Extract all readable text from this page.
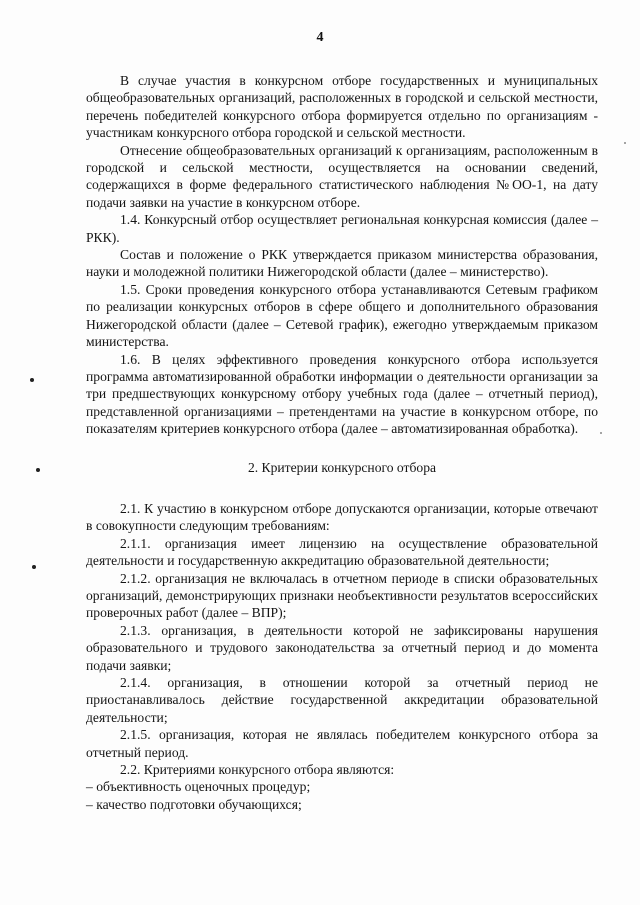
4

В случае участия в конкурсном отборе государственных и муниципальных общеобразовательных организаций, расположенных в городской и сельской местности, перечень победителей конкурсного отбора формируется отдельно по организациям - участникам конкурсного отбора городской и сельской местности.

Отнесение общеобразовательных организаций к организациям, расположенным в городской и сельской местности, осуществляется на основании сведений, содержащихся в форме федерального статистического наблюдения №ОО-1, на дату подачи заявки на участие в конкурсном отборе.

1.4. Конкурсный отбор осуществляет региональная конкурсная комиссия (далее –РКК).

Состав и положение о РКК утверждается приказом министерства образования, науки и молодежной политики Нижегородской области (далее – министерство).

1.5. Сроки проведения конкурсного отбора устанавливаются Сетевым графиком по реализации конкурсных отборов в сфере общего и дополнительного образования Нижегородской области (далее – Сетевой график), ежегодно утверждаемым приказом министерства.

1.6. В целях эффективного проведения конкурсного отбора используется программа автоматизированной обработки информации о деятельности организации за три предшествующих конкурсному отбору учебных года (далее – отчетный период), представленной организациями – претендентами на участие в конкурсном отборе, по показателям критериев конкурсного отбора (далее – автоматизированная обработка).

2. Критерии конкурсного отбора

2.1. К участию в конкурсном отборе допускаются организации, которые отвечают в совокупности следующим требованиям:

2.1.1. организация имеет лицензию на осуществление образовательной деятельности и государственную аккредитацию образовательной деятельности;

2.1.2. организация не включалась в отчетном периоде в списки образовательных организаций, демонстрирующих признаки необъективности результатов всероссийских проверочных работ (далее – ВПР);

2.1.3. организация, в деятельности которой не зафиксированы нарушения образовательного и трудового законодательства за отчетный период и до момента подачи заявки;

2.1.4. организация, в отношении которой за отчетный период не приостанавливалось действие государственной аккредитации образовательной деятельности;

2.1.5. организация, которая не являлась победителем конкурсного отбора за отчетный период.

2.2. Критериями конкурсного отбора являются:

– объективность оценочных процедур;

– качество подготовки обучающихся;
